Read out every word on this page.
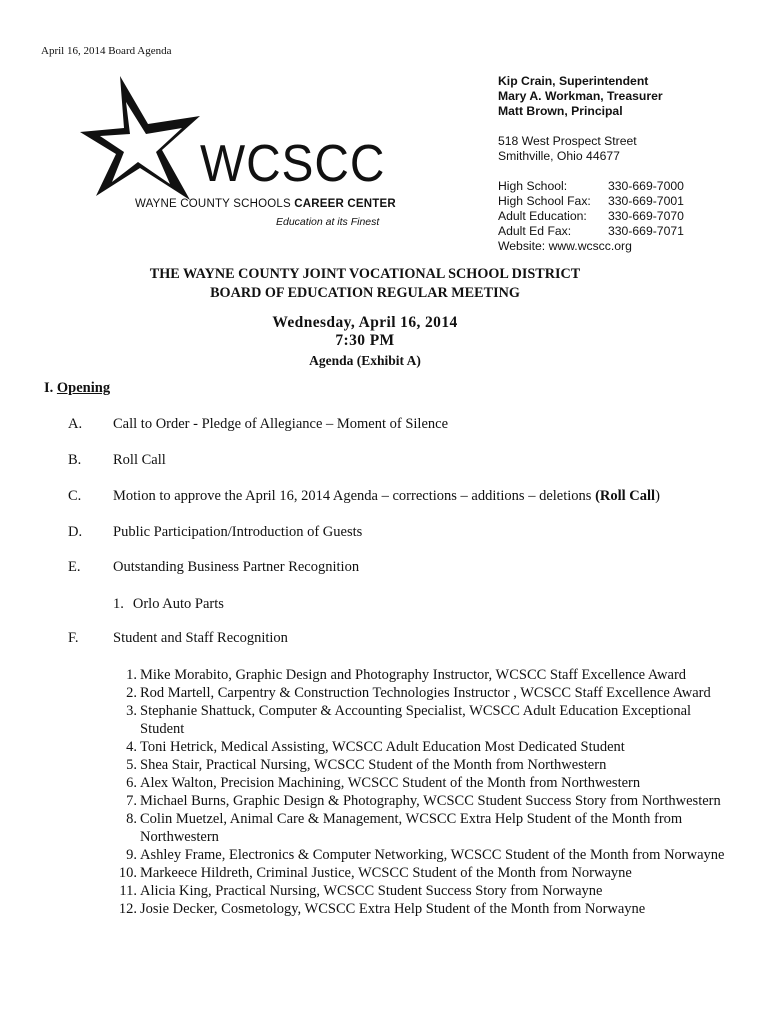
April 16, 2014 Board Agenda
WCSCC
WAYNE COUNTY SCHOOLS CAREER CENTER
Education at its Finest
Kip Crain, Superintendent
Mary A. Workman, Treasurer
Matt Brown, Principal
518 West Prospect Street
Smithville, Ohio 44677
High School:	330-669-7000
High School Fax:	330-669-7001
Adult Education:	330-669-7070
Adult Ed Fax:	330-669-7071
Website: www.wcscc.org
THE WAYNE COUNTY JOINT VOCATIONAL SCHOOL DISTRICT
BOARD OF EDUCATION REGULAR MEETING
Wednesday, April 16, 2014
7:30 PM
Agenda (Exhibit A)
I. Opening
A. Call to Order - Pledge of Allegiance – Moment of Silence
B. Roll Call
C. Motion to approve the April 16, 2014 Agenda – corrections – additions – deletions (Roll Call)
D. Public Participation/Introduction of Guests
E. Outstanding Business Partner Recognition
1. Orlo Auto Parts
F. Student and Staff Recognition
1. Mike Morabito, Graphic Design and Photography Instructor, WCSCC Staff Excellence Award
2. Rod Martell, Carpentry & Construction Technologies Instructor , WCSCC Staff Excellence Award
3. Stephanie Shattuck, Computer & Accounting Specialist, WCSCC Adult Education Exceptional Student
4. Toni Hetrick, Medical Assisting, WCSCC Adult Education Most Dedicated Student
5. Shea Stair, Practical Nursing, WCSCC Student of the Month from Northwestern
6. Alex Walton, Precision Machining, WCSCC Student of the Month from Northwestern
7. Michael Burns, Graphic Design & Photography, WCSCC Student Success Story from Northwestern
8. Colin Muetzel, Animal Care & Management, WCSCC Extra Help Student of the Month from Northwestern
9. Ashley Frame, Electronics & Computer Networking, WCSCC Student of the Month from Norwayne
10. Markeece Hildreth, Criminal Justice, WCSCC Student of the Month from Norwayne
11. Alicia King, Practical Nursing, WCSCC Student Success Story from Norwayne
12. Josie Decker, Cosmetology, WCSCC Extra Help Student of the Month from Norwayne
